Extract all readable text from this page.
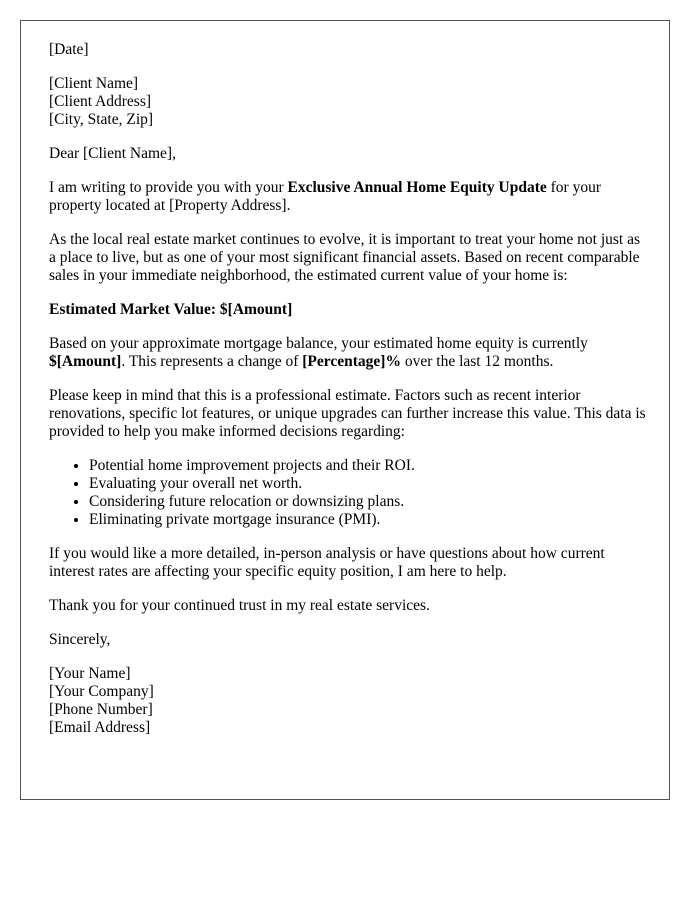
[Date]

[Client Name]
[Client Address]
[City, State, Zip]

Dear [Client Name],

I am writing to provide you with your Exclusive Annual Home Equity Update for your property located at [Property Address].

As the local real estate market continues to evolve, it is important to treat your home not just as a place to live, but as one of your most significant financial assets. Based on recent comparable sales in your immediate neighborhood, the estimated current value of your home is:

Estimated Market Value: $[Amount]

Based on your approximate mortgage balance, your estimated home equity is currently $[Amount]. This represents a change of [Percentage]% over the last 12 months.

Please keep in mind that this is a professional estimate. Factors such as recent interior renovations, specific lot features, or unique upgrades can further increase this value. This data is provided to help you make informed decisions regarding:

• Potential home improvement projects and their ROI.
• Evaluating your overall net worth.
• Considering future relocation or downsizing plans.
• Eliminating private mortgage insurance (PMI).

If you would like a more detailed, in-person analysis or have questions about how current interest rates are affecting your specific equity position, I am here to help.

Thank you for your continued trust in my real estate services.

Sincerely,

[Your Name]
[Your Company]
[Phone Number]
[Email Address]
